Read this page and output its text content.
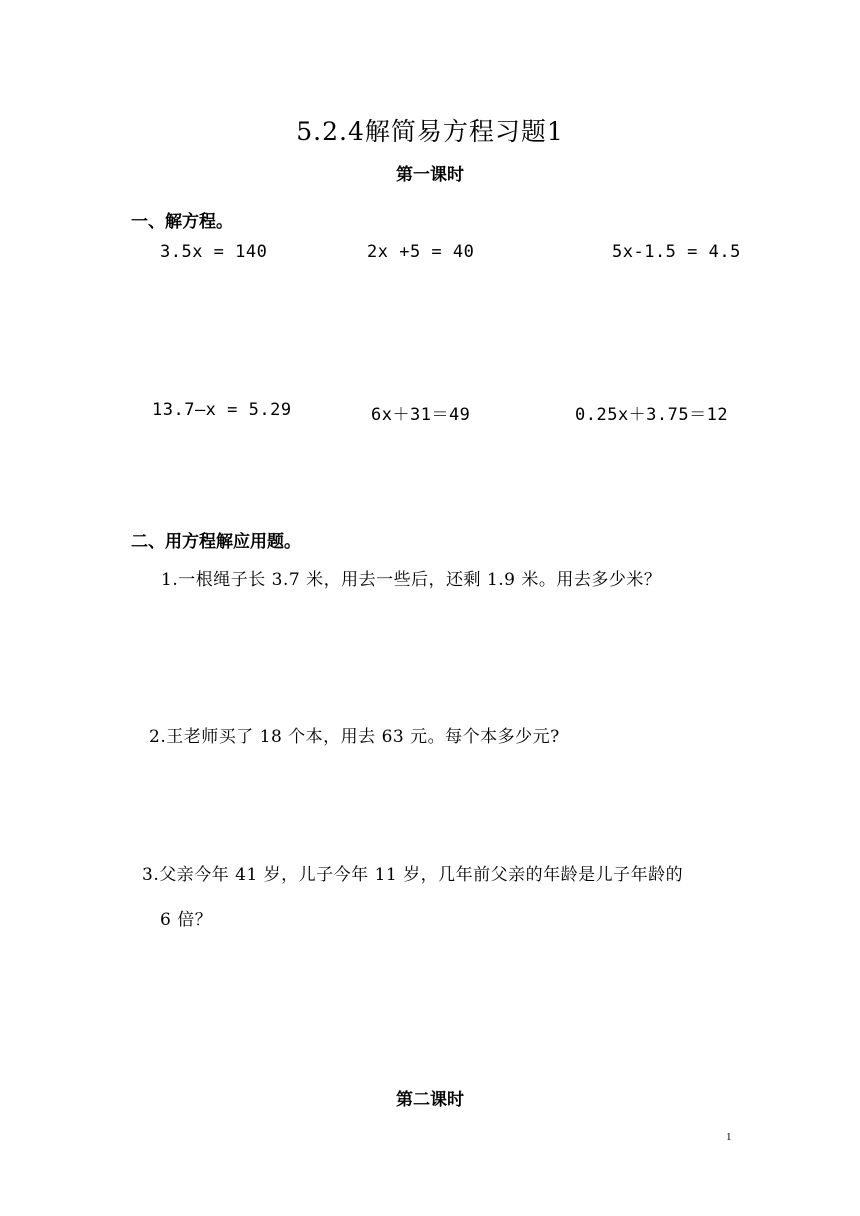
5.2.4解简易方程习题1
第一课时
一、解方程。
3.5x = 140	2x +5 = 40	5x-1.5 = 4.5
13.7—x = 5.29	6x＋31＝49	0.25x＋3.75＝12
二、用方程解应用题。
1.一根绳子长 3.7 米，用去一些后，还剩 1.9 米。用去多少米？
2.王老师买了 18 个本，用去 63 元。每个本多少元?
3.父亲今年 41 岁，儿子今年 11 岁，几年前父亲的年龄是儿子年龄的
6 倍？
第二课时
1
